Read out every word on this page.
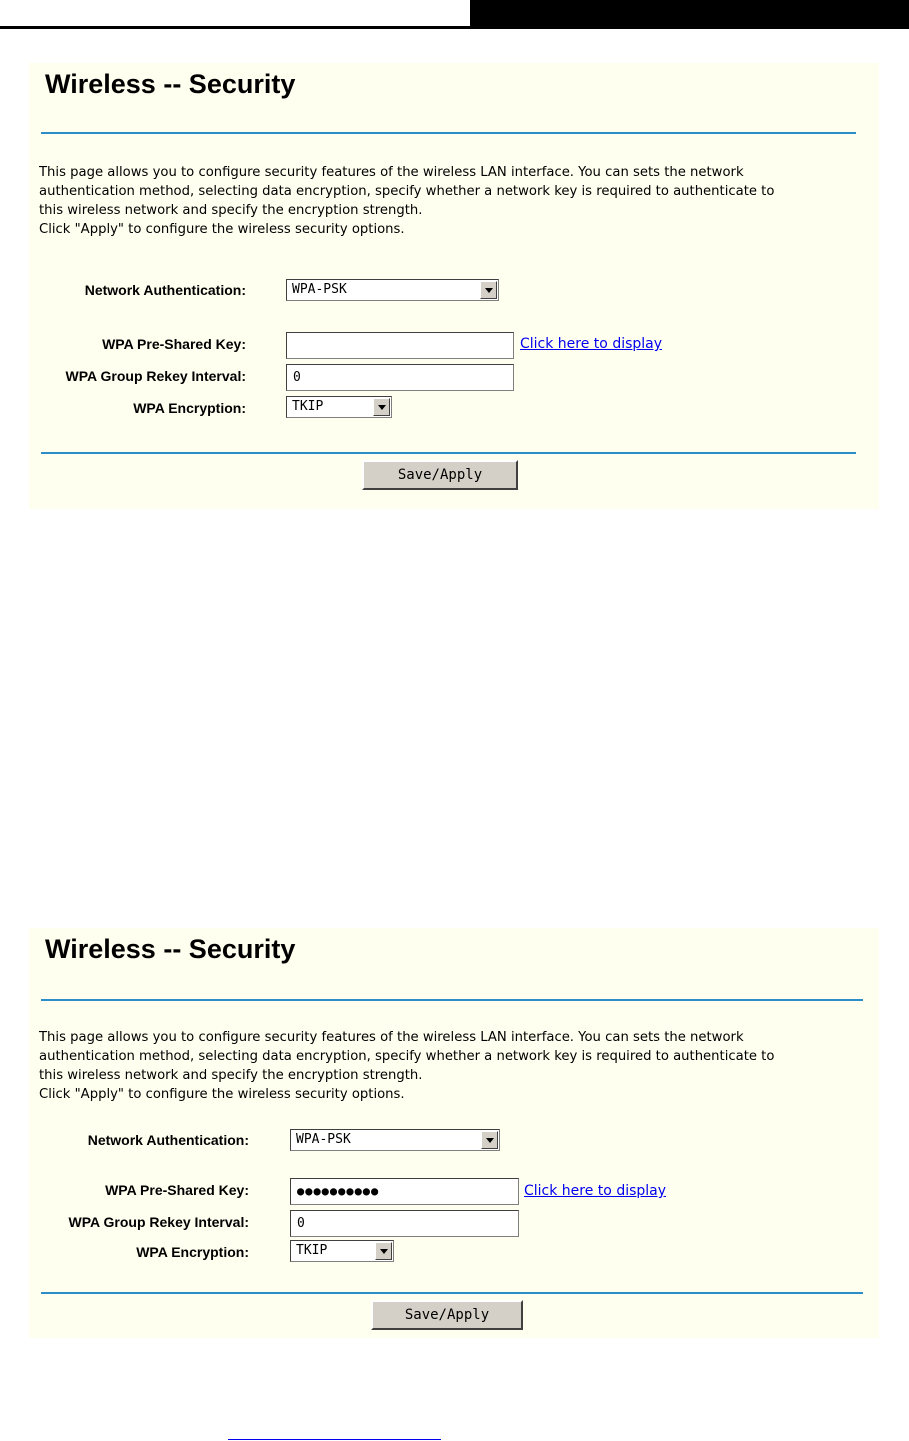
Wireless -- Security

This page allows you to configure security features of the wireless LAN interface. You can sets the network
authentication method, selecting data encryption, specify whether a network key is required to authenticate to
this wireless network and specify the encryption strength.
Click "Apply" to configure the wireless security options.

Network Authentication:	WPA-PSK
WPA Pre-Shared Key:	Click here to display
WPA Group Rekey Interval:	0
WPA Encryption:	TKIP
Save/Apply
Wireless -- Security

This page allows you to configure security features of the wireless LAN interface. You can sets the network
authentication method, selecting data encryption, specify whether a network key is required to authenticate to
this wireless network and specify the encryption strength.
Click "Apply" to configure the wireless security options.

Network Authentication:	WPA-PSK
WPA Pre-Shared Key:	●●●●●●●●●●	Click here to display
WPA Group Rekey Interval:	0
WPA Encryption:	TKIP
Save/Apply
